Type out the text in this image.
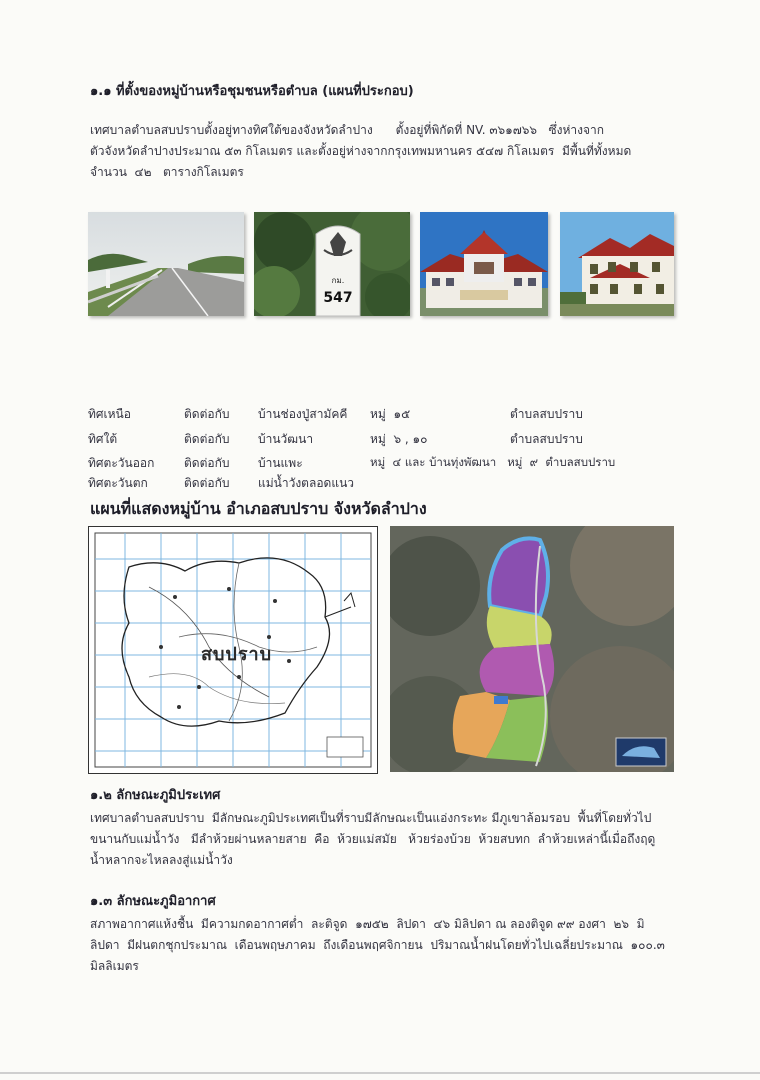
๑.๑ ที่ตั้งของหมู่บ้านหรือชุมชนหรือตำบล (แผนที่ประกอบ)
เทศบาลตำบลสบปราบตั้งอยู่ทางทิศใต้ของจังหวัดลำปาง      ตั้งอยู่ที่พิกัดที่ NV. ๓๖๑๗๖๖   ซึ่งห่างจาก
ตัวจังหวัดลำปางประมาณ ๕๓ กิโลเมตร และตั้งอยู่ห่างจากกรุงเทพมหานคร ๕๔๗ กิโลเมตร  มีพื้นที่ทั้งหมด
จำนวน  ๔๒   ตารางกิโลเมตร
กม.
547
ทิศเหนือ	ติดต่อกับ บ้านช่องปู่สามัคคี หมู่  ๑๕	ตำบลสบปราบ
ทิศใต้	ติดต่อกับ บ้านวัฒนา	หมู่  ๖ , ๑๐	ตำบลสบปราบ
ทิศตะวันออก ติดต่อกับ บ้านแพะ	หมู่  ๔ และ บ้านทุ่งพัฒนา   หมู่  ๙  ตำบลสบปราบ
ทิศตะวันตก	ติดต่อกับ แม่น้ำวังตลอดแนว
แผนที่แสดงหมู่บ้าน อำเภอสบปราบ จังหวัดลำปาง
สบปราบ
๑.๒ ลักษณะภูมิประเทศ
เทศบาลตำบลสบปราบ  มีลักษณะภูมิประเทศเป็นที่ราบมีลักษณะเป็นแอ่งกระทะ มีภูเขาล้อมรอบ  พื้นที่โดยทั่วไป
ขนานกับแม่น้ำวัง   มีลำห้วยผ่านหลายสาย  คือ  ห้วยแม่สมัย   ห้วยร่องบ้วย  ห้วยสบทก  ลำห้วยเหล่านี้เมื่อถึงฤดู
น้ำหลากจะไหลลงสู่แม่น้ำวัง
๑.๓ ลักษณะภูมิอากาศ
สภาพอากาศแห้งชื้น  มีความกดอากาศต่ำ  ละติจูด  ๑๗๕๒  ลิปดา  ๔๖ มิลิปดา ณ ลองติจูด ๙๙ องศา  ๒๖  มิ
ลิปดา  มีฝนตกชุกประมาณ  เดือนพฤษภาคม  ถึงเดือนพฤศจิกายน  ปริมาณน้ำฝนโดยทั่วไปเฉลี่ยประมาณ  ๑๐๐.๓
มิลลิเมตร
